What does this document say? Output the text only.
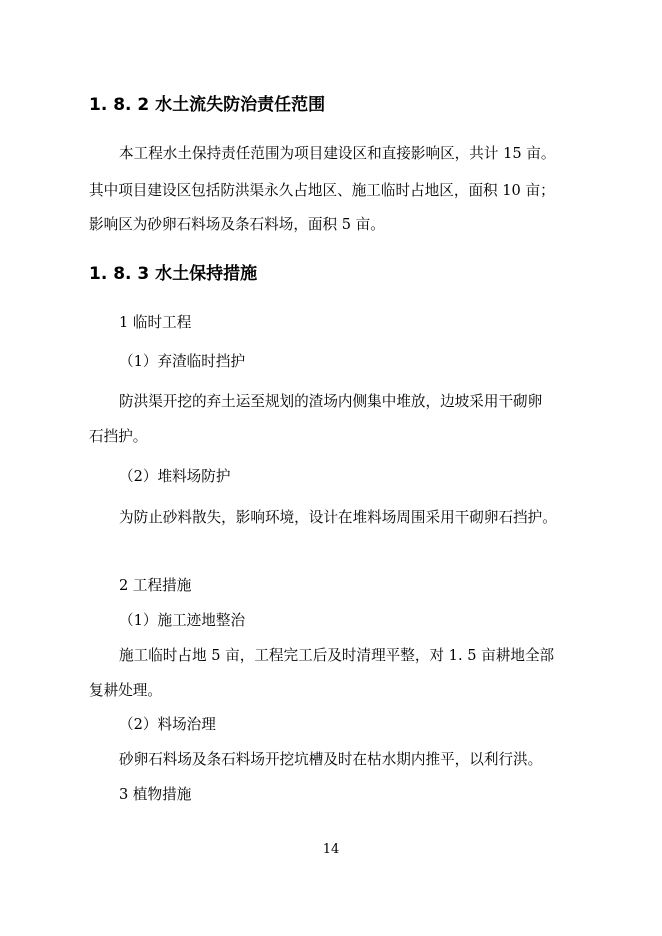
1. 8. 2 水土流失防治责任范围
本工程水土保持责任范围为项目建设区和直接影响区，共计 15 亩。
其中项目建设区包括防洪渠永久占地区、施工临时占地区，面积 10 亩；
影响区为砂卵石料场及条石料场，面积 5 亩。
1. 8. 3 水土保持措施
1 临时工程
（1）弃渣临时挡护
防洪渠开挖的弃土运至规划的渣场内侧集中堆放，边坡采用干砌卵
石挡护。
（2）堆料场防护
为防止砂料散失，影响环境，设计在堆料场周围采用干砌卵石挡护。
2 工程措施
（1）施工迹地整治
施工临时占地 5 亩，工程完工后及时清理平整，对 1. 5 亩耕地全部
复耕处理。
（2）料场治理
砂卵石料场及条石料场开挖坑槽及时在枯水期内推平，以利行洪。
3 植物措施
14
